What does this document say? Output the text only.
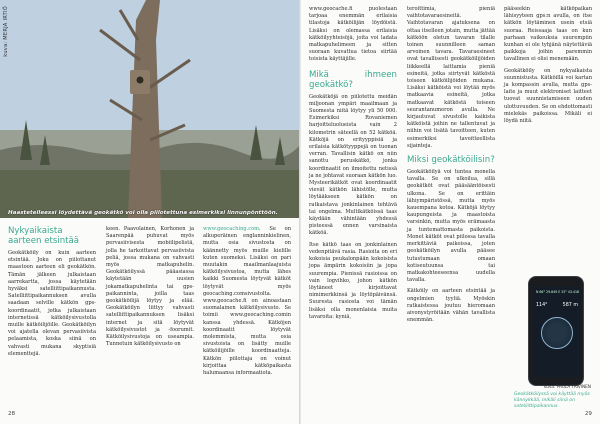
kuva: MERJA IRTIÖ
Haastetelleessi löydettävä geokätkö voi olla piilotettuna esimerkiksi linnunpönttöön.
Nykyaikaista aarteen etsintää

Geokätköily on kuin aarteen etsintää. Joku on piilottanut maastoon aarteen eli geokätkön. Tämän jälkeen julkaistaan aarrekartta, jossa käytetään hyväksi satelliittipaikannusta. Satelliittipaikannuksen avulla saadaan selville kätkön gps-koordinaatit, jotka julkaistaan internetissä kätköilysivustolla muille kätköilijöille. Geokätköilyn voi ajatella olevan pervasiivista pelaamista, koska siinä on vahvasti mukana skyptisiä elementtejä.

keen. Paavolainen, Korhonen ja Saarenpää puhuvat myös pervasiivisesta mobiilipelistä, jolla he tarkoittavat pervasiivista peliä, jossa mukana on vahvasti myös matkapuhelin. Geokätköilyssä pääasiassa käytetään uusien jokamatkapuhelinta tai gps-paikanninta, joilla taas geokätköilijä löytyy ja elää. Geokätköilyn liittyy vahvasti satelliittipaikannuksen lisäksi internet ja sitä löytyvät kätköilysivustot ja -foorumit. Kätköilysivustoja on useampia. Tunnetuin kätköilysivusto on

www.geocaching.com. Se on alkuperäinen englanninkielinen, mutta osia sivustosta on käännetty myös muille kielille kuten suomeksi. Lisäksi on pari muutakin maailmanlaajuista kätköilysivustoa, mutta lähes kaikki Suomesta löytyvät kätköt löytyvät myös geocaching.comsivustolta. www.geocache.fi on ainoastaan suomalainen kätköilysivusto. Se toimii www.geocaching.comin kanssa yhdessä. Kätköjen koordinaatit löytyvät molemmista, mutta osia sivustoista on lisätty muille kätköilijöille koordinaatteja. Kätkön piilottaja on voinut kirjoittaa kätköpaikasta halumaansa informaatiota.

28

www.geocache.fi puolestaan tarjoaa enemmän erilaisia tilastoja kätköilijän löydöistä. Lisäksi on olemassa erilaisia kätköilyyhteisöjä, joita voi ladata matkapuhelimeen ja sitten suoraan kuvattua tietoa siirtää toisista käyttäjille.

Mikä ihmeen geokätkö?

Geokätköjä on piilotettu meidän miljoonan ympäri maailmaan ja Suomesta niitä löytyy yli 50 000. Esimerkiksi Rovaniemen harjoitteluolueista vain 2 kilometrin säteellä on 52 kätköä. Kätköjä on erityyppisiä ja erilaisia kätkötyyppejä on tuonan verran. Tavallisin kätkö on niin sanottu peruskätkö, jonka koordinaatit on ilmoitettu netissä ja ne johtavat suoraan kätkön luo. Mysteerikätköt ovat koordinaatit vievät kätkön lähistölle, mutta löytääkseen kätkön on ratkaistava jonkinlainen tehtävä tai ongelma. Multikätköissä taas käydään vähintään yhdessä pisteessä ennen varsinaista kätköä.

Itse kätkö taas on jonkinlainen vedenpitävä rasia. Rasioita on eri kokoisia peukalonpään kokoisista jopa ämpärin kokoisiin ja jopa suurempia. Pienissä rasioissa on vain logvihko, johon kätkön löytäneet kirjoittavat nimimerkkinsä ja löytöpäivänsä. Suuresta rasiosta voi tämän lisäksi olla monenlaisia muita tavaroita: kyniä,

teroittimia, pieniä vaihtotavaraesineitä. Vaihtotavaran ajatuksena on ottaa itselleen jotain, mutta jättää kätköön oletun tavaran tilalle toinen suunnilleen saman arvoinen tavara. Tavaraesineet ovat tavallisesti geokätköilijöiden liikkeellä laittamia pieniä esineitä, jotka siirtyvät kätköstä toiseen kätköilijöiden mukana. Lisäksi kätköistä voi löytää myös matkaavia esineitä, jotka matkaavat kätköstä toiseen seurantanumeron avulla. Ne kirjautuvat sivustolle kaikista kätköistä joihin ne tallentuvat ja niihin voi lisätä tavoitteen, kuten esimerkiksi tavoitteellista sijainteja.

Miksi geokätköilisin?

Geokätköilyä voi tuntea monella tavalla. Se on ulkoilua, sillä geokätköt ovat pääsääntöisesti ulkona. Se on erittäin lähiympäristössä, mutta myös kauempana kotoa. Kätköjä löytyy kaupungeista ja maastoista varsinkin, mutta myös erämaasta ja tuntemattomasta paikoista. Monet kätköt ovat piilossa tavalla merkittäviä paikoissa, joten geokätköilyn avulla pääsee tutustumaan omaan kotiseutuunsa tai matkakohteeseensa uudella tavalla.

Kätköily on aarteen etsintää ja ongelmien tyyliä. Myöskin ratkaistessa joutuu hieromaan aivonystyröitään vähän tavallista enemmän.

pääseekin kätköpaikan lähisyyteen gps:n avulla, on itse kätkön löytäminen usein etsiä suoraa. Reissaaja taas on kun parhaan vaikeuksia suurempiin kunhan ei ole tyhjänä näytettäviä paikkoja joihin paremmin tavallinen ei olisi menemään.

Geokätköily on nykyaikaista suunnistusta. Kätköillä voi kartan ja kompassin avulla, mutta gps-laite ja muut elektroniset laitteet tuovat suunnistamiseen uuden ulottuvuuden. Se on ehdottomasti mielekäs paikoissa. Mikäli ei löydä niitä.

29
N 66° 29.849 E 25° 43.418
114°	587 m
kuva: PAULA TÄIVINEN
Geokätköilyssä voi käyttää myös kännykkää, mikäli siinä on satelliittipaikannus.
